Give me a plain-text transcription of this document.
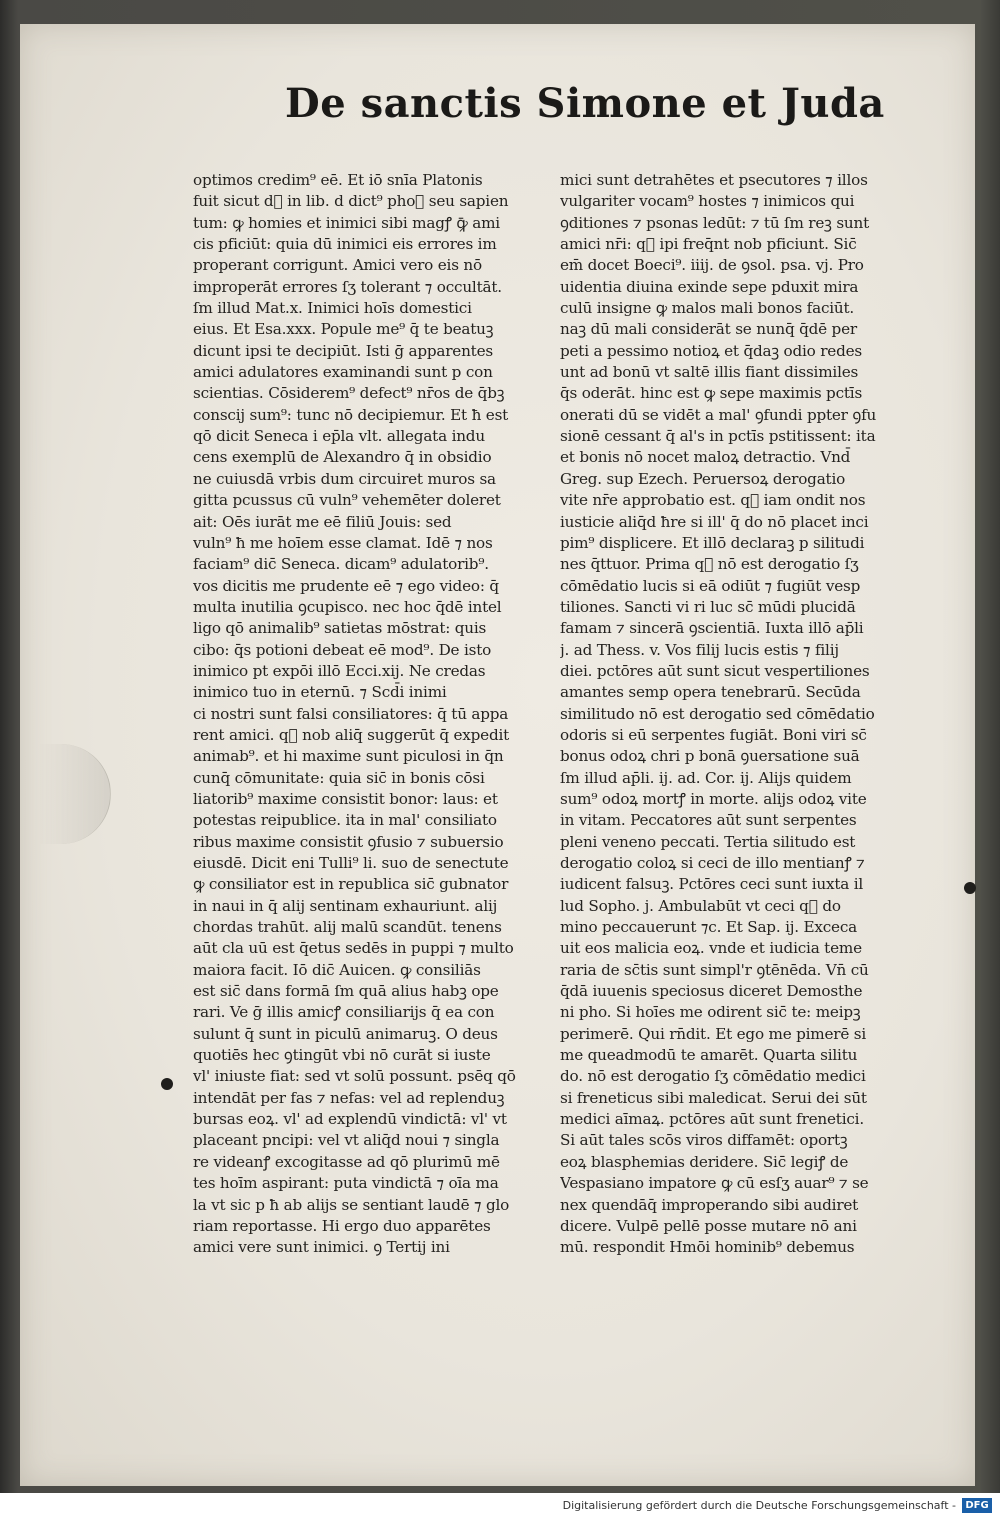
De sanctis Simone et Juda
optimos credim⁹ eē. Et iō snīa Platonis
fuit sicut d᷑ in lib. d dict⁹ phoꝝ seu sapien
tum: ꝙ homies et inimici sibi magꝭ ꝙ̄ ami
cis pficiūt: quia dū inimici eis errores im
properant corrigunt. Amici vero eis nō
improperāt errores ſʒ tolerant ⁊ occultāt.
ſm illud Mat.x. Inimici hoīs domestici
eius. Et Esa.xxx. Popule me⁹ q̄ te beatuꝫ
dicunt ipsi te decipiūt. Isti ḡ apparentes
amici adulatores examinandi sunt p con
scientias. Cōsiderem⁹ defect⁹ nr̄os de q̄bꝫ
conscij sum⁹: tunc nō decipiemur. Et ħ est
qō dicit Seneca i ep̄la vlt. allegata indu
cens exemplū de Alexandro q̄ in obsidio
ne cuiusdā vrbis dum circuiret muros sa
gitta pcussus cū vuln⁹ vehemēter doleret
ait: Oēs iurāt me eē filiū Jouis: sed
vuln⁹ ħ me hoīem esse clamat. Idē ⁊ nos
faciam⁹ dic̄ Seneca. dicam⁹ adulatorib⁹.
vos dicitis me prudente eē ⁊ ego video: q̄
multa inutilia ꝯcupisco. nec hoc q̄dē intel
ligo qō animalib⁹ satietas mōstrat: quis
cibo: q̄s potioni debeat eē mod⁹. De isto
inimico pt expōi illō Ecci.xij. Ne credas
inimico tuo in eternū. ⁊ Scd̄i inimi
ci nostri sunt falsi consiliatores: q̄ tū appa
rent amici. q᷑ nob aliq̄ suggerūt q̄ expedit
animab⁹. et hi maxime sunt piculosi in q̄n
cunq̄ cōmunitate: quia sic̄ in bonis cōsi
liatorib⁹ maxime consistit bonor: laus: et
potestas reipublice. ita in mal' consiliato
ribus maxime consistit ꝯfusio ⁊ subuersio
eiusdē. Dicit eni Tulli⁹ li. suo de senectute
ꝙ consiliator est in republica sic̄ gubnator
in naui in q̄ alij sentinam exhauriunt. alij
chordas trahūt. alij malū scandūt. tenens
aūt cla uū est q̄etus sedēs in puppi ⁊ multo
maiora facit. Iō dic̄ Auicen. ꝙ consiliās
est sic̄ dans formā ſm quā alius habꝫ ope
rari. Ve ḡ illis amicꝭ consiliarijs q̄ ea con
sulunt q̄ sunt in piculū animaruꝫ. O deus
quotiēs hec ꝯtingūt vbi nō curāt si iuste
vl' iniuste fiat: sed vt solū possunt. psēq qō
intendāt per fas ⁊ nefas: vel ad replenduꝫ
bursas eoꝝ. vl' ad explendū vindictā: vl' vt
placeant pncipi: vel vt aliq̄d noui ⁊ singla
re videanꝭ excogitasse ad qō plurimū mē
tes hoīm aspirant: puta vindictā ⁊ oīa ma
la vt sic p ħ ab alijs se sentiant laudē ⁊ glo
riam reportasse. Hi ergo duo apparētes
amici vere sunt inimici. ꝯ Tertij ini
mici sunt detrahētes et psecutores ⁊ illos
vulgariter vocam⁹ hostes ⁊ inimicos qui
ꝯditiones ⁊ psonas ledūt: ⁊ tū ſm reꝫ sunt
amici nr̄i: q᷑ ipi freq̄nt nob pficiunt. Sic̄
em̄ docet Boeci⁹. iiij. de ꝯsol. psa. vj. Pro
uidentia diuina exinde sepe pduxit mira
culū insigne ꝙ malos mali bonos faciūt.
naꝫ dū mali considerāt se nunq̄ q̄dē per
peti a pessimo notioꝝ et q̄daꝫ odio redes
unt ad bonū vt saltē illis fiant dissimiles
q̄s oderāt. hinc est ꝙ sepe maximis pctīs
onerati dū se vidēt a mal' ꝯfundi ppter ꝯfu
sionē cessant q̄ al's in pctīs pstitissent: ita
et bonis nō nocet maloꝝ detractio. Vnd̄
Greg. sup Ezech. Peruersoꝝ derogatio
vite nr̄e approbatio est. q᷑ iam ondit nos
iusticie aliq̄d ħre si ill' q̄ do nō placet inci
pim⁹ displicere. Et illō declaraꝫ p silitudi
nes q̄ttuor. Prima q᷑ nō est derogatio ſʒ
cōmēdatio lucis si eā odiūt ⁊ fugiūt vesp
tiliones. Sancti vi ri luc sc̄ mūdi plucidā
famam ⁊ sincerā ꝯscientiā. Iuxta illō ap̄li
j. ad Thess. v. Vos filij lucis estis ⁊ filij
diei. pctōres aūt sunt sicut vespertiliones
amantes semp opera tenebrarū. Secūda
similitudo nō est derogatio sed cōmēdatio
odoris si eū serpentes fugiāt. Boni viri sc̄
bonus odoꝝ chri p bonā ꝯuersatione suā
ſm illud ap̄li. ij. ad. Cor. ij. Alijs quidem
sum⁹ odoꝝ mortꝭ in morte. alijs odoꝝ vite
in vitam. Peccatores aūt sunt serpentes
pleni veneno peccati. Tertia silitudo est
derogatio coloꝝ si ceci de illo mentianꝭ ⁊
iudicent falsuꝫ. Pctōres ceci sunt iuxta il
lud Sopho. j. Ambulabūt vt ceci q᷑ do
mino peccauerunt ⁊c. Et Sap. ij. Exceca
uit eos malicia eoꝝ. vnde et iudicia teme
raria de sc̄tis sunt simpl'r ꝯtēnēda. Vn̄ cū
q̄dā iuuenis speciosus diceret Demosthe
ni pho. Si hoīes me odirent sic̄ te: meipꝫ
perimerē. Qui rn̄dit. Et ego me pimerē si
me queadmodū te amarēt. Quarta silitu
do. nō est derogatio ſʒ cōmēdatio medici
si freneticus sibi maledicat. Serui dei sūt
medici aīmaꝝ. pctōres aūt sunt frenetici.
Si aūt tales scōs viros diffamēt: oportꝫ
eoꝝ blasphemias deridere. Sic̄ legiꝭ de
Vespasiano impatore ꝙ cū esſʒ auar⁹ ⁊ se
nex quendāq̄ improperando sibi audiret
dicere. Vulpē pellē posse mutare nō ani
mū. respondit Hmōi hominib⁹ debemus
Digitalisierung gefördert durch die Deutsche Forschungsgemeinschaft - DFG
